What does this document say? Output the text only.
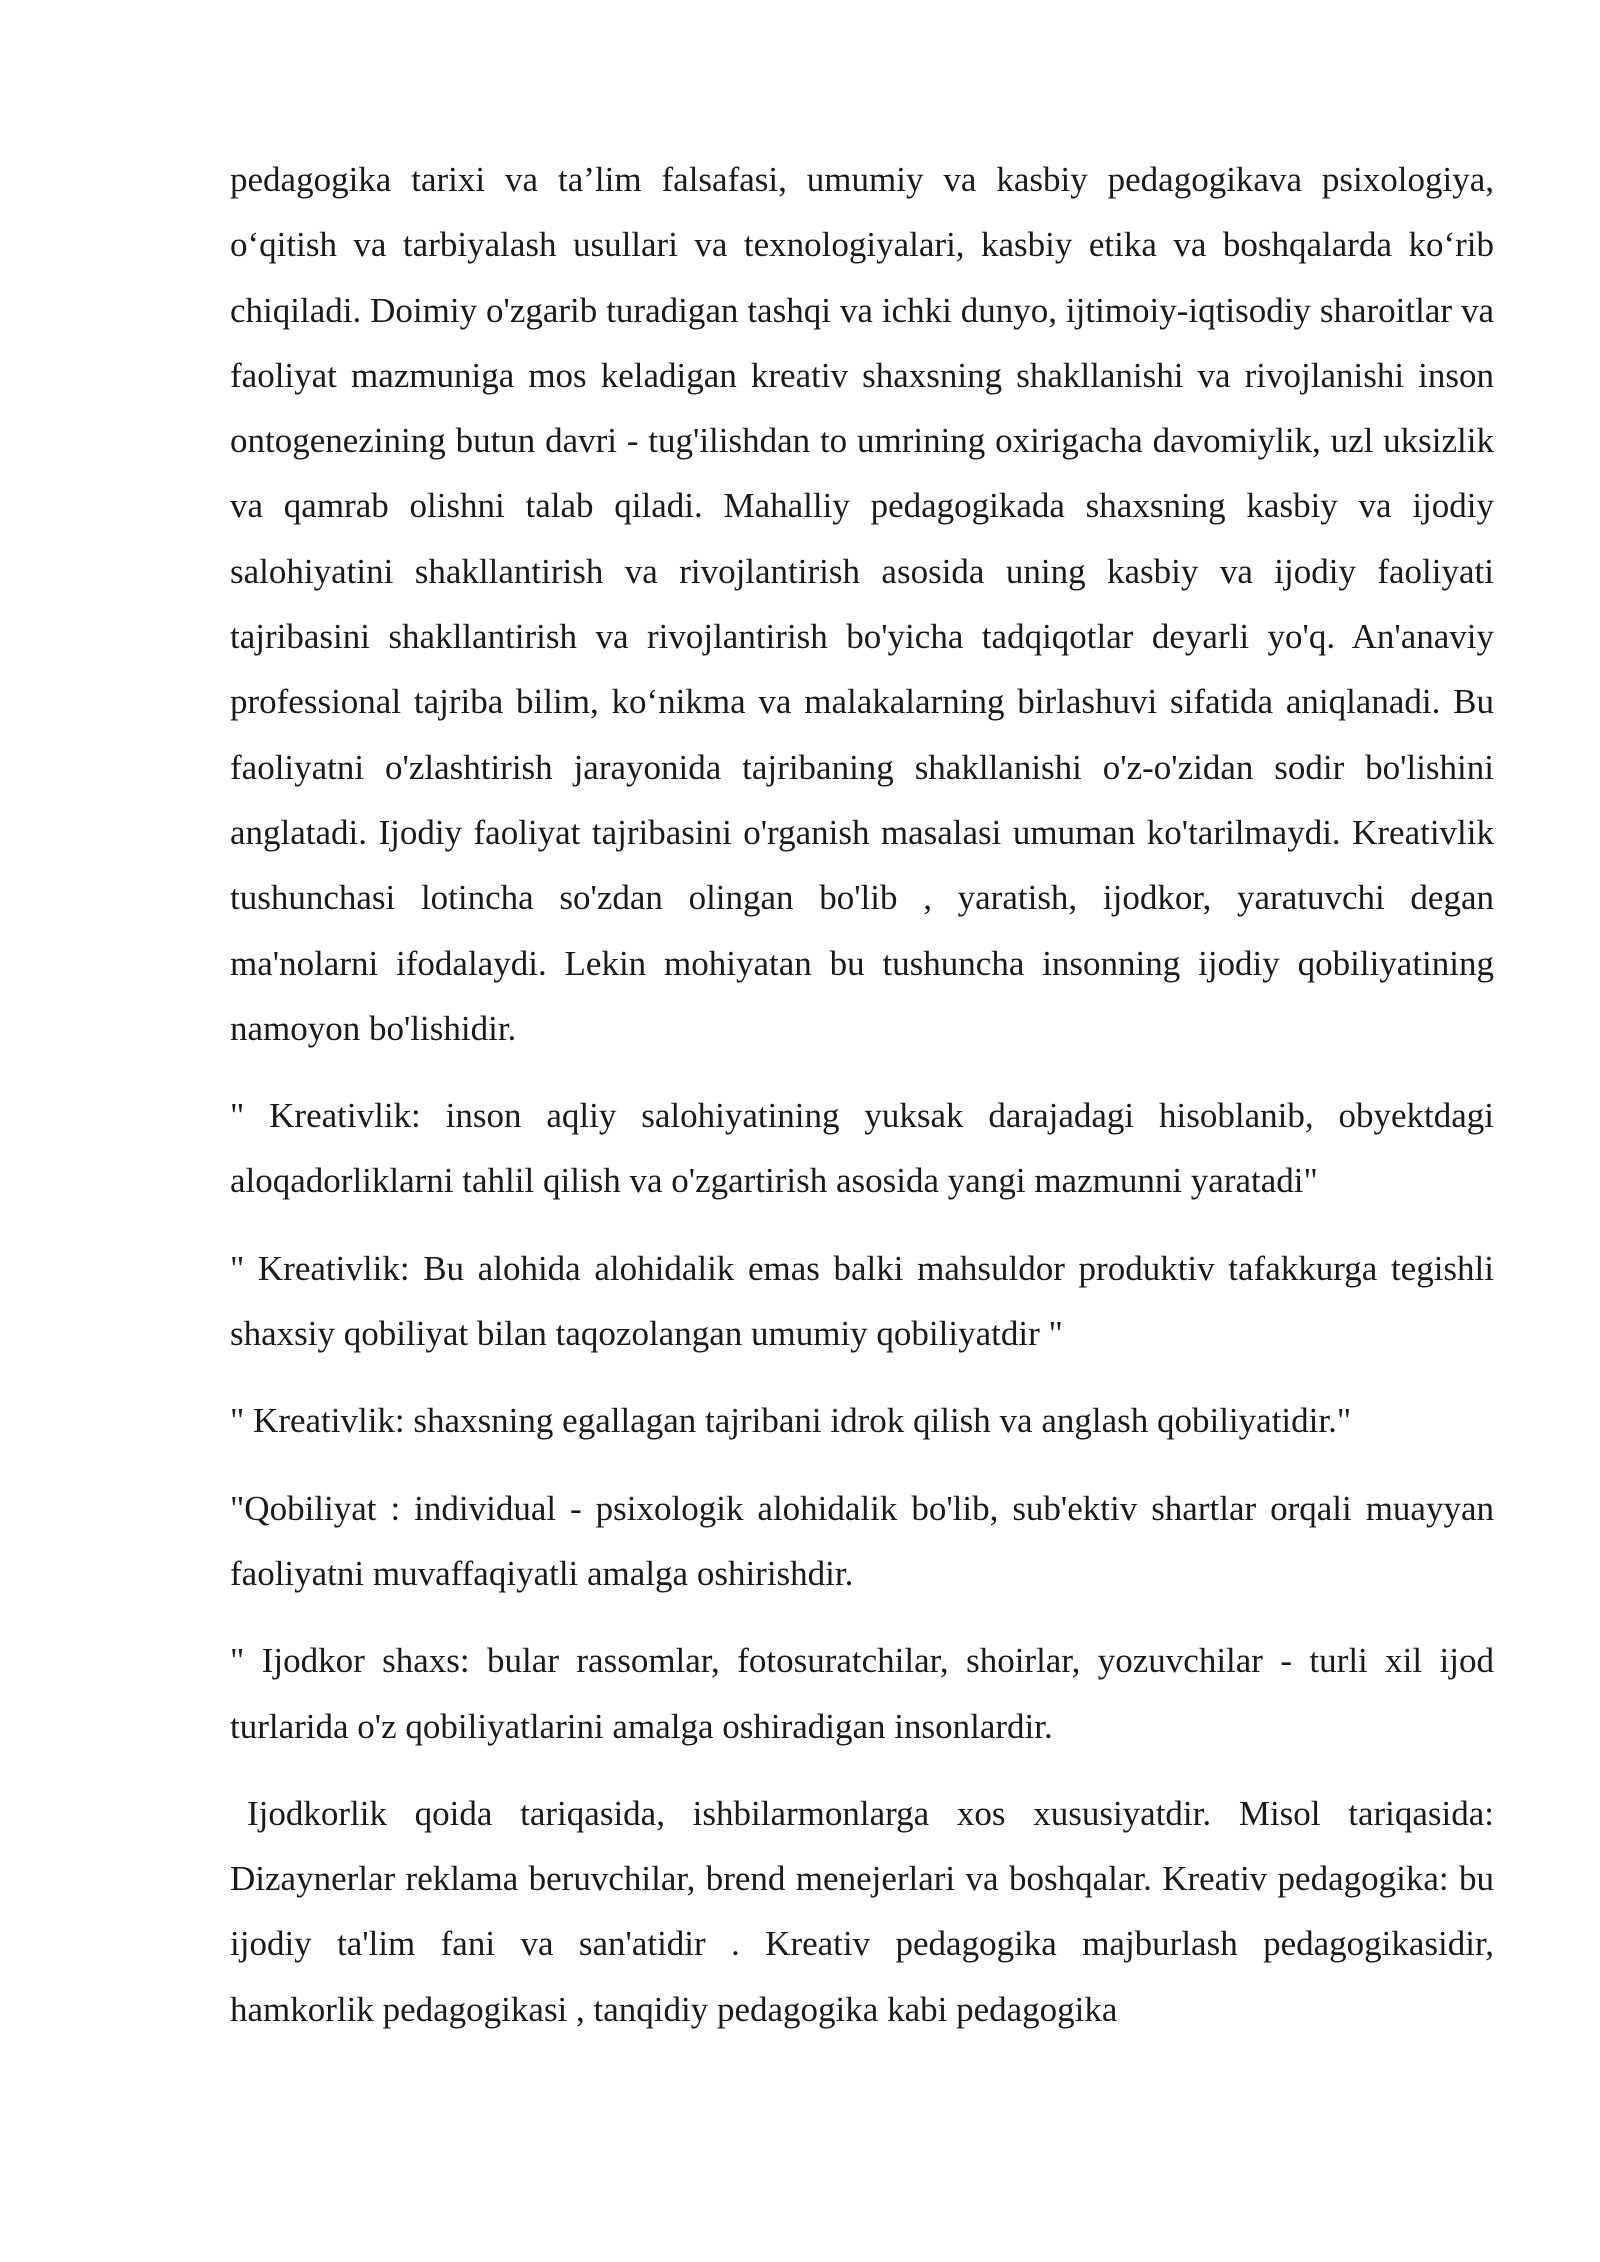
pedagogika tarixi va ta’lim falsafasi, umumiy va kasbiy pedagogikava psixologiya, o‘qitish va tarbiyalash usullari va texnologiyalari, kasbiy etika va boshqalarda ko‘rib chiqiladi. Doimiy o'zgarib turadigan tashqi va ichki dunyo, ijtimoiy-iqtisodiy sharoitlar va faoliyat mazmuniga mos keladigan kreativ shaxsning shakllanishi va rivojlanishi inson ontogenezining butun davri - tug'ilishdan to umrining oxirigacha davomiylik, uzl uksizlik va qamrab olishni talab qiladi. Mahalliy pedagogikada shaxsning kasbiy va ijodiy salohiyatini shakllantirish va rivojlantirish asosida uning kasbiy va ijodiy faoliyati tajribasini shakllantirish va rivojlantirish bo'yicha tadqiqotlar deyarli yo'q. An'anaviy professional tajriba bilim, ko‘nikma va malakalarning birlashuvi sifatida aniqlanadi. Bu faoliyatni o'zlashtirish jarayonida tajribaning shakllanishi o'z-o'zidan sodir bo'lishini anglatadi. Ijodiy faoliyat tajribasini o'rganish masalasi umuman ko'tarilmaydi. Kreativlik tushunchasi lotincha so'zdan olingan bo'lib , yaratish, ijodkor, yaratuvchi degan ma'nolarni ifodalaydi. Lekin mohiyatan bu tushuncha insonning ijodiy qobiliyatining namoyon bo'lishidir.

" Kreativlik: inson aqliy salohiyatining yuksak darajadagi hisoblanib, obyektdagi aloqadorliklarni tahlil qilish va o'zgartirish asosida yangi mazmunni yaratadi"

" Kreativlik: Bu alohida alohidalik emas balki mahsuldor produktiv tafakkurga tegishli shaxsiy qobiliyat bilan taqozolangan umumiy qobiliyatdir "

" Kreativlik: shaxsning egallagan tajribani idrok qilish va anglash qobiliyatidir."

"Qobiliyat : individual - psixologik alohidalik bo'lib, sub'ektiv shartlar orqali muayyan faoliyatni muvaffaqiyatli amalga oshirishdir.

" Ijodkor shaxs: bular rassomlar, fotosuratchilar, shoirlar, yozuvchilar - turli xil ijod turlarida o'z qobiliyatlarini amalga oshiradigan insonlardir.

Ijodkorlik qoida tariqasida, ishbilarmonlarga xos xususiyatdir. Misol tariqasida: Dizaynerlar reklama beruvchilar, brend menejerlari va boshqalar. Kreativ pedagogika: bu ijodiy ta'lim fani va san'atidir . Kreativ pedagogika majburlash pedagogikasidir, hamkorlik pedagogikasi , tanqidiy pedagogika kabi pedagogika
